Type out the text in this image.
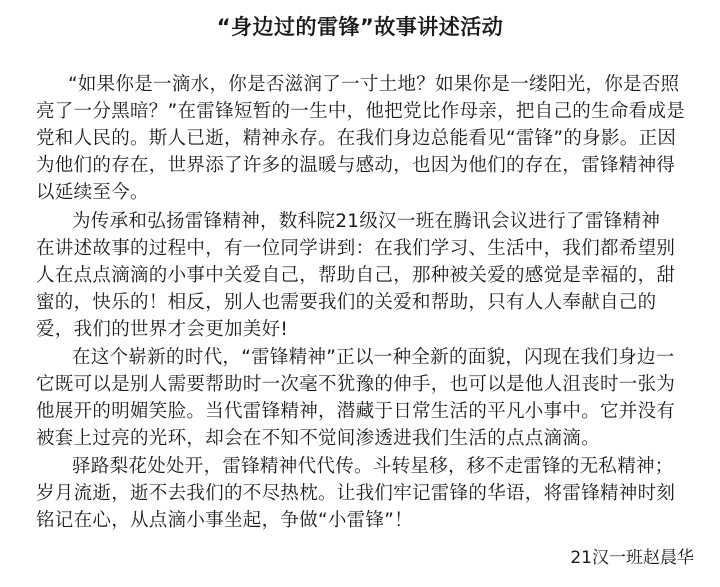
“身边过的雷锋”故事讲述活动
“如果你是一滴水，你是否滋润了一寸土地？如果你是一缕阳光，你是否照
亮了一分黑暗？”在雷锋短暂的一生中，他把党比作母亲，把自己的生命看成是
党和人民的。斯人已逝，精神永存。在我们身边总能看见“雷锋”的身影。正因
为他们的存在，世界添了许多的温暖与感动，也因为他们的存在，雷锋精神得
以延续至今。
为传承和弘扬雷锋精神，数科院21级汉一班在腾讯会议进行了雷锋精神
在讲述故事的过程中，有一位同学讲到：在我们学习、生活中，我们都希望别
人在点点滴滴的小事中关爱自己，帮助自己，那种被关爱的感觉是幸福的，甜
蜜的，快乐的！相反，别人也需要我们的关爱和帮助，只有人人奉献自己的
爱，我们的世界才会更加美好!
在这个崭新的时代，“雷锋精神”正以一种全新的面貌，闪现在我们身边一
它既可以是别人需要帮助时一次毫不犹豫的伸手，也可以是他人沮丧时一张为
他展开的明媚笑脸。当代雷锋精神，潜藏于日常生活的平凡小事中。它并没有
被套上过亮的光环，却会在不知不觉间渗透进我们生活的点点滴滴。
驿路梨花处处开，雷锋精神代代传。斗转星移，移不走雷锋的无私精神；
岁月流逝，逝不去我们的不尽热枕。让我们牢记雷锋的华语，将雷锋精神时刻
铭记在心，从点滴小事坐起，争做“小雷锋”！
21汉一班赵晨华
